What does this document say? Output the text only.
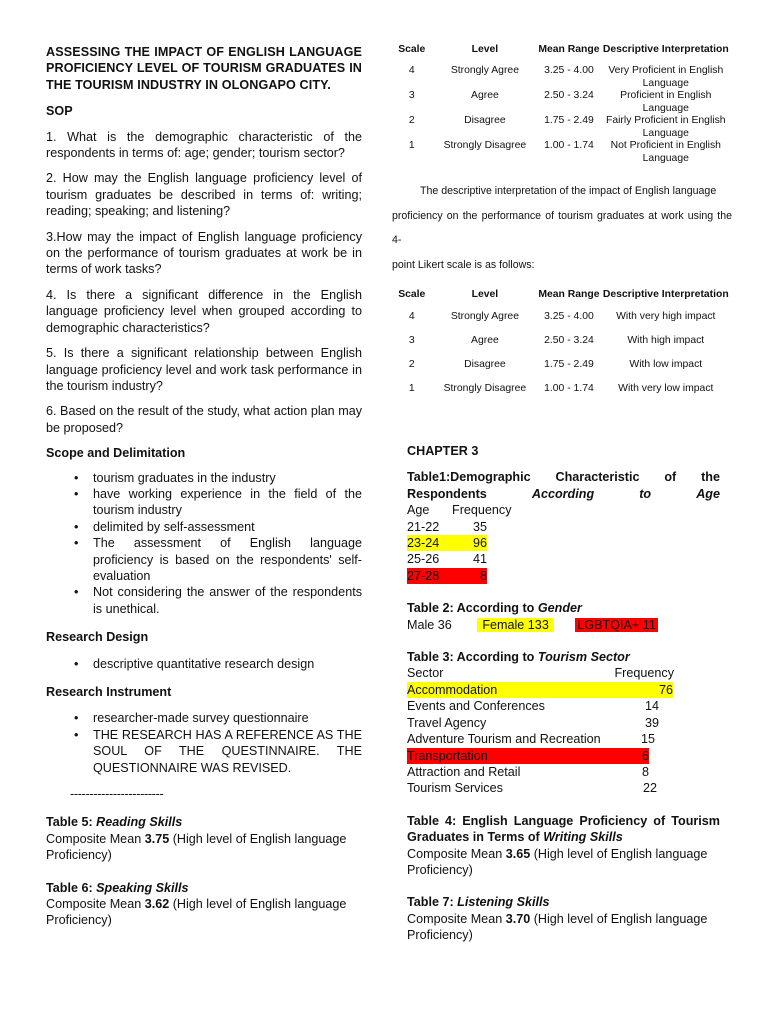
ASSESSING THE IMPACT OF ENGLISH LANGUAGE PROFICIENCY LEVEL OF TOURISM GRADUATES IN THE TOURISM INDUSTRY IN OLONGAPO CITY.

SOP

1. What is the demographic characteristic of the respondents in terms of: age; gender; tourism sector?

2. How may the English language proficiency level of tourism graduates be described in terms of: writing; reading; speaking; and listening?

3.How may the impact of English language proficiency on the performance of tourism graduates at work be in terms of work tasks?

4. Is there a significant difference in the English language proficiency level when grouped according to demographic characteristics?

5. Is there a significant relationship between English language proficiency level and work task performance in the tourism industry?

6. Based on the result of the study, what action plan may be proposed?

Scope and Delimitation

• tourism graduates in the industry
• have working experience in the field of the tourism industry
• delimited by self-assessment
• The assessment of English language proficiency is based on the respondents' self-evaluation
• Not considering the answer of the respondents is unethical.

Research Design

• descriptive quantitative research design

Research Instrument

• researcher-made survey questionnaire
• THE RESEARCH HAS A REFERENCE AS THE SOUL OF THE QUESTINNAIRE. THE QUESTIONNAIRE WAS REVISED.

------------------------

Table 5: Reading Skills

Composite Mean 3.75 (High level of English language Proficiency)

Table 6: Speaking Skills

Composite Mean 3.62 (High level of English language Proficiency)

Scale	Level	Mean Range Descriptive Interpretation
4	Strongly Agree	3.25 - 4.00	Very Proficient in English Language
3	Agree	2.50 - 3.24	Proficient in English Language
2	Disagree	1.75 - 2.49	Fairly Proficient in English Language
1	Strongly Disagree	1.00 - 1.74	Not Proficient in English Language
The descriptive interpretation of the impact of English language
proficiency on the performance of tourism graduates at work using the 4-
point Likert scale is as follows:
Scale	Level	Mean Range Descriptive Interpretation
4	Strongly Agree	3.25 - 4.00	With very high impact
3	Agree	2.50 - 3.24	With high impact
2	Disagree	1.75 - 2.49	With low impact
1	Strongly Disagree	1.00 - 1.74	With very low impact

CHAPTER 3

Table1:Demographic Characteristic of the
Respondents	According	to	Age
Age	Frequency
21-22	35
23-24	96
25-26	41
27-28	8

Table 2: According to Gender

Male 36 Female 133 LGBTQIA+ 11

Table 3: According to Tourism Sector

Sector	Frequency
Accommodation	76
Events and Conferences	14
Travel Agency	39
Adventure Tourism and Recreation	15
Transportation	6
Attraction and Retail	8
Tourism Services	22

Table 4: English Language Proficiency of Tourism Graduates in Terms of Writing Skills

Composite Mean 3.65 (High level of English language Proficiency)

Table 7: Listening Skills

Composite Mean 3.70 (High level of English language Proficiency)
